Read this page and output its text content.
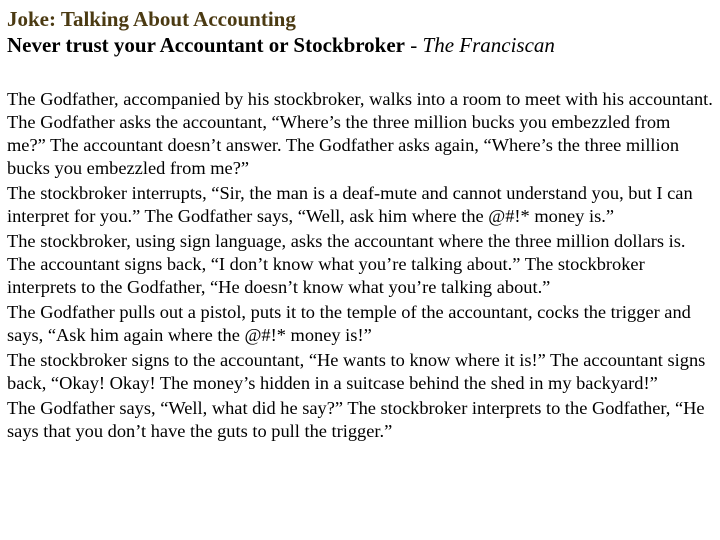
Joke: Talking About Accounting

Never trust your Accountant or Stockbroker - The Franciscan

The Godfather, accompanied by his stockbroker, walks into a room to meet with his accountant. The Godfather asks the accountant, “Where’s the three million bucks you embezzled from me?” The accountant doesn’t answer. The Godfather asks again, “Where’s the three million bucks you embezzled from me?”

The stockbroker interrupts, “Sir, the man is a deaf-mute and cannot understand you, but I can interpret for you.” The Godfather says, “Well, ask him where the @#!* money is.”

The stockbroker, using sign language, asks the accountant where the three million dollars is. The accountant signs back, “I don’t know what you’re talking about.” The stockbroker interprets to the Godfather, “He doesn’t know what you’re talking about.”

The Godfather pulls out a pistol, puts it to the temple of the accountant, cocks the trigger and says, “Ask him again where the @#!* money is!”

The stockbroker signs to the accountant, “He wants to know where it is!” The accountant signs back, “Okay! Okay! The money’s hidden in a suitcase behind the shed in my backyard!”

The Godfather says, “Well, what did he say?” The stockbroker interprets to the Godfather, “He says that you don’t have the guts to pull the trigger.”
